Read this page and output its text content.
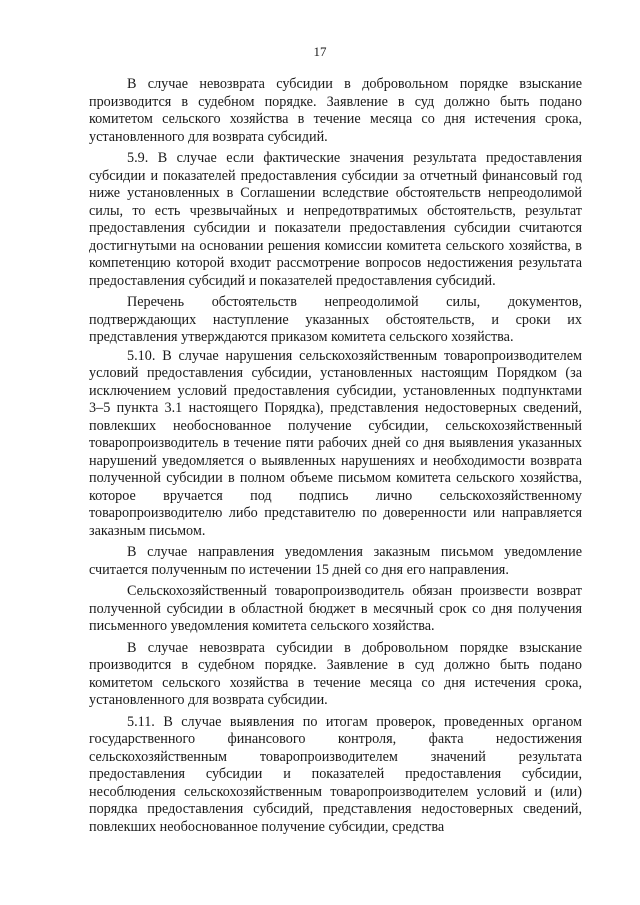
17

В случае невозврата субсидии в добровольном порядке взыскание производится в судебном порядке. Заявление в суд должно быть подано комитетом сельского хозяйства в течение месяца со дня истечения срока, установленного для возврата субсидий.

5.9. В случае если фактические значения результата предоставления субсидии и показателей предоставления субсидии за отчетный финансовый год ниже установленных в Соглашении вследствие обстоятельств непреодолимой силы, то есть чрезвычайных и непредотвратимых обстоятельств, результат предоставления субсидии и показатели предоставления субсидии считаются достигнутыми на основании решения комиссии комитета сельского хозяйства, в компетенцию которой входит рассмотрение вопросов недостижения результата предоставления субсидий и показателей предоставления субсидий.

Перечень обстоятельств непреодолимой силы, документов, подтверждающих наступление указанных обстоятельств, и сроки их представления утверждаются приказом комитета сельского хозяйства.

5.10. В случае нарушения сельскохозяйственным товаропроизводителем условий предоставления субсидии, установленных настоящим Порядком (за исключением условий предоставления субсидии, установленных подпунктами 3–5 пункта 3.1 настоящего Порядка), представления недостоверных сведений, повлекших необоснованное получение субсидии, сельскохозяйственный товаропроизводитель в течение пяти рабочих дней со дня выявления указанных нарушений уведомляется о выявленных нарушениях и необходимости возврата полученной субсидии в полном объеме письмом комитета сельского хозяйства, которое вручается под подпись лично сельскохозяйственному товаропроизводителю либо представителю по доверенности или направляется заказным письмом.

В случае направления уведомления заказным письмом уведомление считается полученным по истечении 15 дней со дня его направления.

Сельскохозяйственный товаропроизводитель обязан произвести возврат полученной субсидии в областной бюджет в месячный срок со дня получения письменного уведомления комитета сельского хозяйства.

В случае невозврата субсидии в добровольном порядке взыскание производится в судебном порядке. Заявление в суд должно быть подано комитетом сельского хозяйства в течение месяца со дня истечения срока, установленного для возврата субсидии.

5.11. В случае выявления по итогам проверок, проведенных органом государственного финансового контроля, факта недостижения сельскохозяйственным товаропроизводителем значений результата предоставления субсидии и показателей предоставления субсидии, несоблюдения сельскохозяйственным товаропроизводителем условий и (или) порядка предоставления субсидий, представления недостоверных сведений, повлекших необоснованное получение субсидии, средства
